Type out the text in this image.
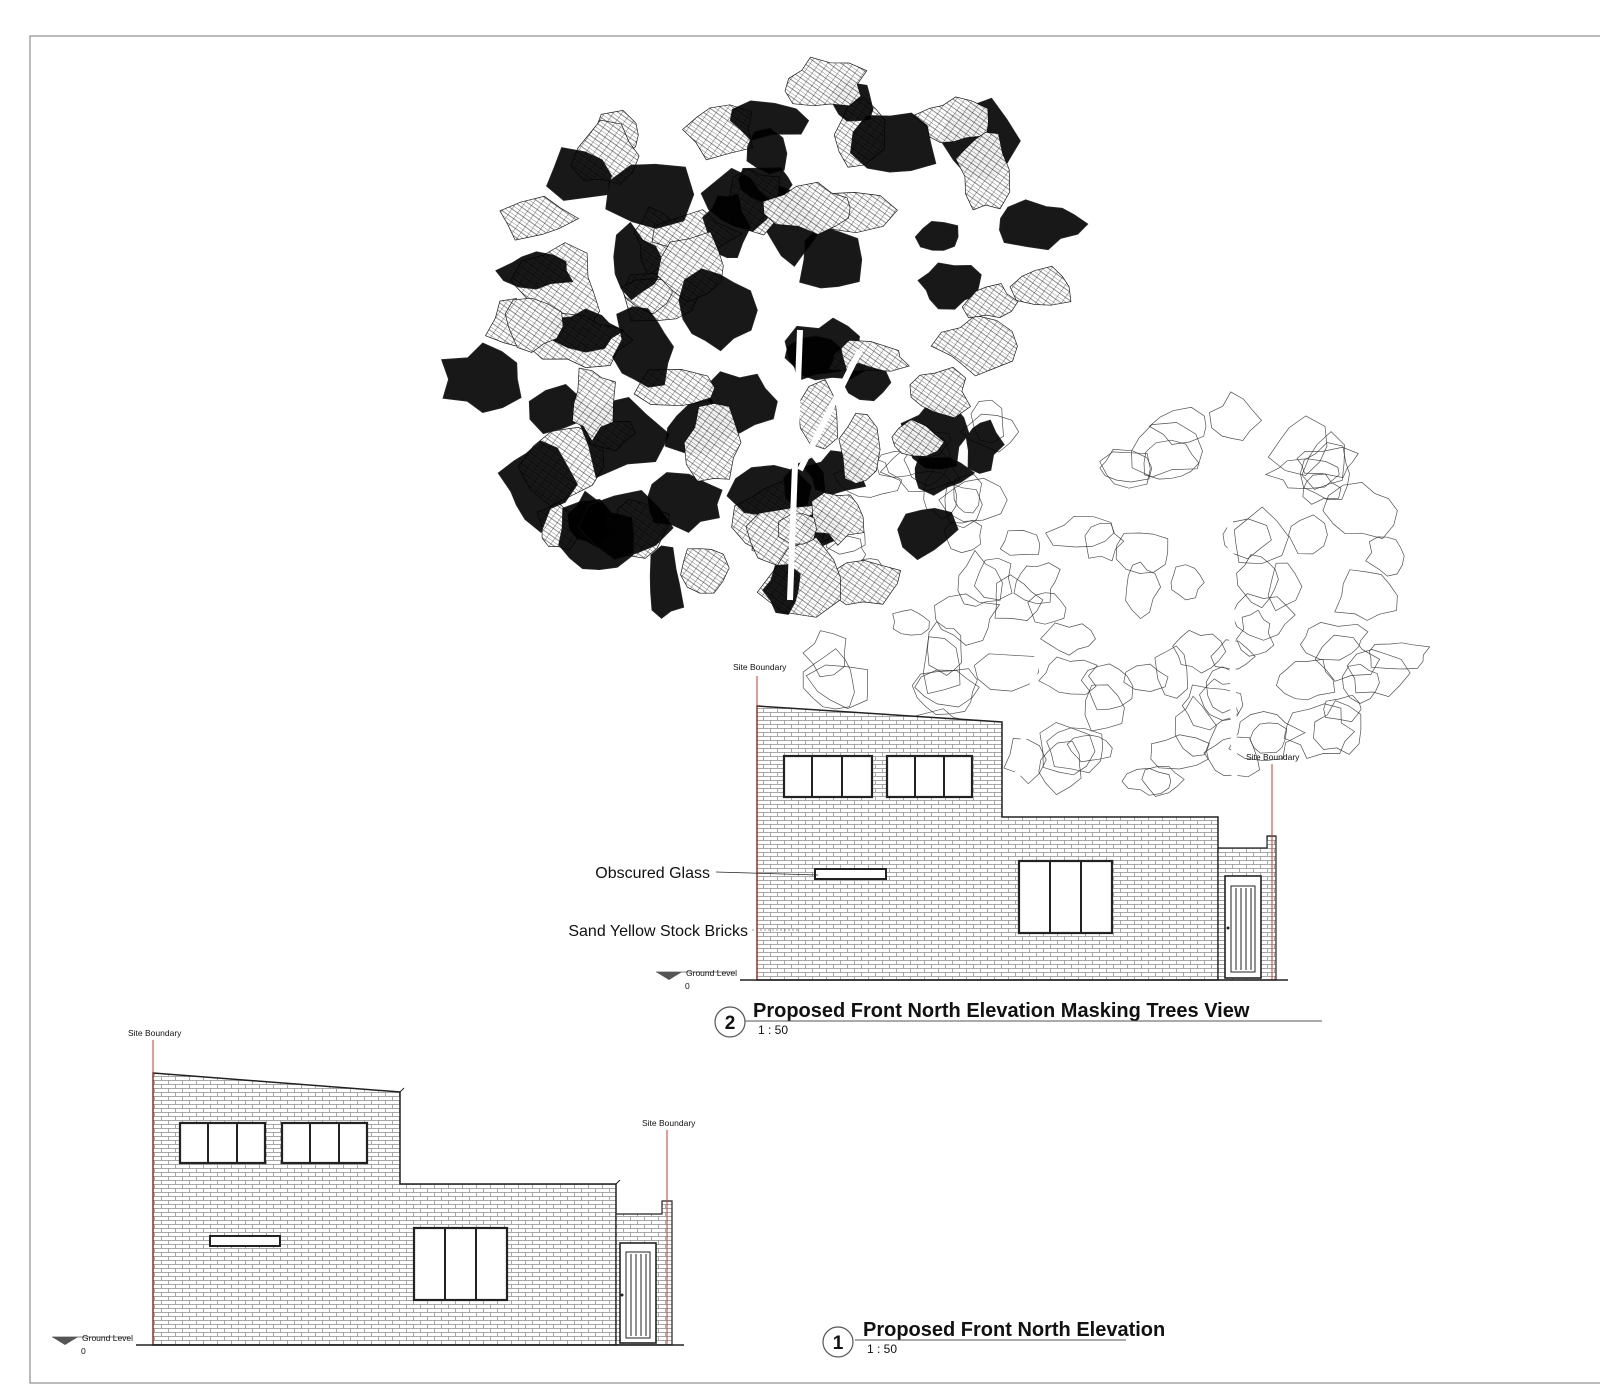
Site Boundary
Site Boundary
Obscured Glass
Sand Yellow Stock Bricks
Ground Level
0
2
Proposed Front North Elevation Masking Trees View
1 : 50
Site Boundary
Site Boundary
Ground Level
0	1
Proposed Front North Elevation
1 : 50
